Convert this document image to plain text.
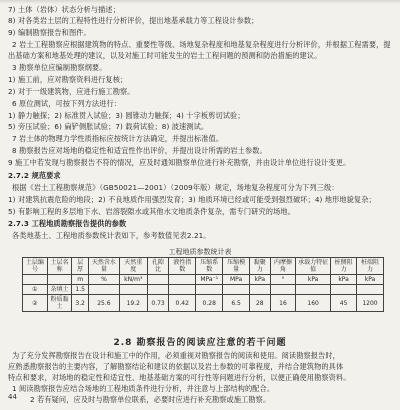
7) 土体（岩体）状态分析与描述；
8) 对各类岩土层的工程特性进行分析评价，提出地基承载力等工程设计参数；
9) 编制勘察报告和图件。
2 岩土工程勘察应根据建筑物的特点、重要性等级、场地复杂程度和地基复杂程度进行分析评价，并根据工程需要，提
出基础方案和地基处理的建议，以及对施工时可能发生的岩土工程问题的预测和防治措施的建议。
3 勘察单位应编制勘察纲要。
1) 施工前，应对勘察资料进行复核；
2) 对于一级建筑物，应进行施工勘察。
6 原位测试，可按下列方法进行：
1) 静力触探；2) 标准贯入试验；3) 圆锥动力触探；4) 十字板剪切试验；
5) 旁压试验；6) 扁铲侧胀试验；7) 载荷试验；8) 波速测试。
7 岩土体的物理力学性质指标应按统计方法确定，并提出标准值。
8 勘察报告应对场地的稳定性和适宜性作出评价，并提出设计所需的岩土参数。
9 施工中若发现与勘察报告不符的情况，应及时通知勘察单位进行补充勘察，并由设计单位进行设计变更。
2.7.2 规范要求
根据《岩土工程勘察规范》（GB50021—2001）（2009年版）规定，场地复杂程度可分为下列三级：
1) 对建筑抗震危险的地段；2) 不良地质作用强烈发育；3) 地质环境已经或可能受到强烈破坏；4) 地形地貌复杂；
5) 有影响工程的多层地下水、岩溶裂隙水或其他水文地质条件复杂，需专门研究的场地。
2.7.3 工程地质勘察报告提供的参数
各类地基土、工程地质参数统计表如下，参考数值见表2.21。
工程地质参数统计表
土层编号	土层名称	层厚	天然含水量	天然重度	孔隙比	液性指数	压缩系数	压缩模量	黏聚力	内摩擦角	承载力特征值	桩侧阻力	桩端阻力
		m	%	kN/m³			MPa⁻¹	MPa	kPa	°	kPa	kPa	kPa
①	杂填土	1.5											
②	粉质黏土	3.2	25.6	19.2	0.73	0.42	0.28	6.5	28	16	160	45	1200
2.8 勘察报告的阅读应注意的若干问题
为了充分发挥勘察报告在设计和施工中的作用，必须重视对勘察报告的阅读和使用。阅读勘察报告时，
应熟悉勘察报告的主要内容，了解勘察结论和建议的依据以及岩土参数的可靠程度，并结合建筑物的具体
特点和要求，对场地的稳定性和适宜性、地基基础方案的可行性等问题进行分析，以便正确使用勘察资料。
1 阅读勘察报告应结合场地的工程地质条件进行分析，并注意与上部结构的配合。
2 若有疑问，应及时与勘察单位联系，必要时应进行补充勘察或施工勘察。
44
